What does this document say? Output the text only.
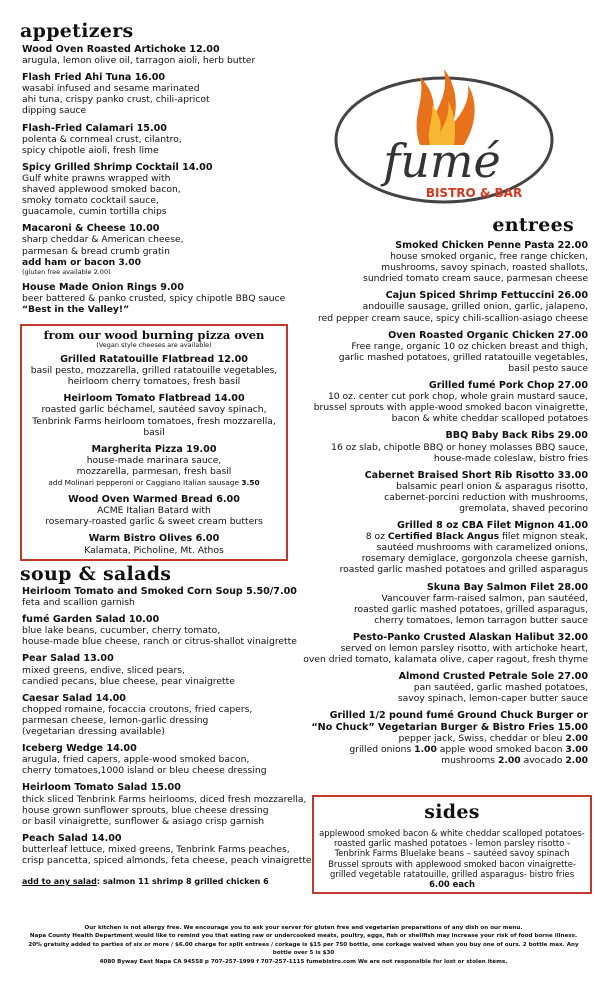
appetizers
Wood Oven Roasted Artichoke 12.00
arugula, lemon olive oil, tarragon aioli, herb butter
Flash Fried Ahi Tuna 16.00
wasabi infused and sesame marinated
ahi tuna, crispy panko crust, chili-apricot
dipping sauce
Flash-Fried Calamari 15.00
polenta & cornmeal crust, cilantro,
spicy chipotle aioli, fresh lime
Spicy Grilled Shrimp Cocktail 14.00
Gulf white prawns wrapped with
shaved applewood smoked bacon,
smoky tomato cocktail sauce,
guacamole, cumin tortilla chips
Macaroni & Cheese 10.00
sharp cheddar & American cheese,
parmesan & bread crumb gratin
add ham or bacon 3.00
(gluten free available 2.00)
House Made Onion Rings 9.00
beer battered & panko crusted, spicy chipotle BBQ sauce
“Best in the Valley!”
from our wood burning pizza oven
(Vegan style cheeses are available)
Grilled Ratatouille Flatbread 12.00
basil pesto, mozzarella, grilled ratatouille vegetables,
heirloom cherry tomatoes, fresh basil
Heirloom Tomato Flatbread 14.00
roasted garlic béchamel, sautéed savoy spinach,
Tenbrink Farms heirloom tomatoes, fresh mozzarella, basil
Margherita Pizza 19.00
house-made marinara sauce,
mozzarella, parmesan, fresh basil
add Molinari pepperoni or Caggiano Italian sausage 3.50
Wood Oven Warmed Bread 6.00
ACME Italian Batard with
rosemary-roasted garlic & sweet cream butters
Warm Bistro Olives 6.00
Kalamata, Picholine, Mt. Athos
soup & salads
Heirloom Tomato and Smoked Corn Soup 5.50/7.00
feta and scallion garnish
fumé Garden Salad 10.00
blue lake beans, cucumber, cherry tomato,
house-made blue cheese, ranch or citrus-shallot vinaigrette
Pear Salad 13.00
mixed greens, endive, sliced pears,
candied pecans, blue cheese, pear vinaigrette
Caesar Salad 14.00
chopped romaine, focaccia croutons, fried capers,
parmesan cheese, lemon-garlic dressing
(vegetarian dressing available)
Iceberg Wedge 14.00
arugula, fried capers, apple-wood smoked bacon,
cherry tomatoes,1000 island or bleu cheese dressing
Heirloom Tomato Salad 15.00
thick sliced Tenbrink Farms heirlooms, diced fresh mozzarella,
house grown sunflower sprouts, blue cheese dressing
or basil vinaigrette, sunflower & asiago crisp garnish
Peach Salad 14.00
butterleaf lettuce, mixed greens, Tenbrink Farms peaches,
crisp pancetta, spiced almonds, feta cheese, peach vinaigrette
add to any salad: salmon 11 shrimp 8 grilled chicken 6
fumé
BISTRO & BAR
entrees
Smoked Chicken Penne Pasta 22.00
house smoked organic, free range chicken,
mushrooms, savoy spinach, roasted shallots,
sundried tomato cream sauce, parmesan cheese
Cajun Spiced Shrimp Fettuccini 26.00
andouille sausage, grilled onion, garlic, jalapeno,
red pepper cream sauce, spicy chili-scallion-asiago cheese
Oven Roasted Organic Chicken 27.00
Free range, organic 10 oz chicken breast and thigh,
garlic mashed potatoes, grilled ratatouille vegetables,
basil pesto sauce
Grilled fumé Pork Chop 27.00
10 oz. center cut pork chop, whole grain mustard sauce,
brussel sprouts with apple-wood smoked bacon vinaigrette,
bacon & white cheddar scalloped potatoes
BBQ Baby Back Ribs 29.00
16 oz slab, chipotle BBQ or honey molasses BBQ sauce,
house-made coleslaw, bistro fries
Cabernet Braised Short Rib Risotto 33.00
balsamic pearl onion & asparagus risotto,
cabernet-porcini reduction with mushrooms,
gremolata, shaved pecorino
Grilled 8 oz CBA Filet Mignon 41.00
8 oz Certified Black Angus filet mignon steak,
sautéed mushrooms with caramelized onions,
rosemary demiglace, gorgonzola cheese garnish,
roasted garlic mashed potatoes and grilled asparagus
Skuna Bay Salmon Filet 28.00
Vancouver farm-raised salmon, pan sautéed,
roasted garlic mashed potatoes, grilled asparagus,
cherry tomatoes, lemon tarragon butter sauce
Pesto-Panko Crusted Alaskan Halibut 32.00
served on lemon parsley risotto, with artichoke heart,
oven dried tomato, kalamata olive, caper ragout, fresh thyme
Almond Crusted Petrale Sole 27.00
pan sautéed, garlic mashed potatoes,
savoy spinach, lemon-caper butter sauce
Grilled 1/2 pound fumé Ground Chuck Burger or
“No Chuck” Vegetarian Burger & Bistro Fries 15.00
pepper jack, Swiss, cheddar or bleu 2.00
grilled onions 1.00 apple wood smoked bacon 3.00
mushrooms 2.00 avocado 2.00
sides
applewood smoked bacon & white cheddar scalloped potatoes-
roasted garlic mashed potatoes - lemon parsley risotto -
Tenbrink Farms Bluelake beans – sautéed savoy spinach
Brussel sprouts with applewood smoked bacon vinaigrette-
grilled vegetable ratatouille, grilled asparagus- bistro fries
6.00 each
Our kitchen is not allergy free. We encourage you to ask your server for gluten free and vegetarian preparations of any dish on our menu.
Napa County Health Department would like to remind you that eating raw or undercooked meats, poultry, eggs, fish or shellfish may increase your risk of food borne illness.
20% gratuity added to parties of six or more / $6.00 charge for split entrees / corkage is $15 per 750 bottle, one corkage waived when you buy one of ours. 2 bottle max. Any bottle over 5 is $30
4080 Byway East Napa CA 94558 p 707-257-1999 f 707-257-1115 fumebistro.com We are not responsible for lost or stolen items.
